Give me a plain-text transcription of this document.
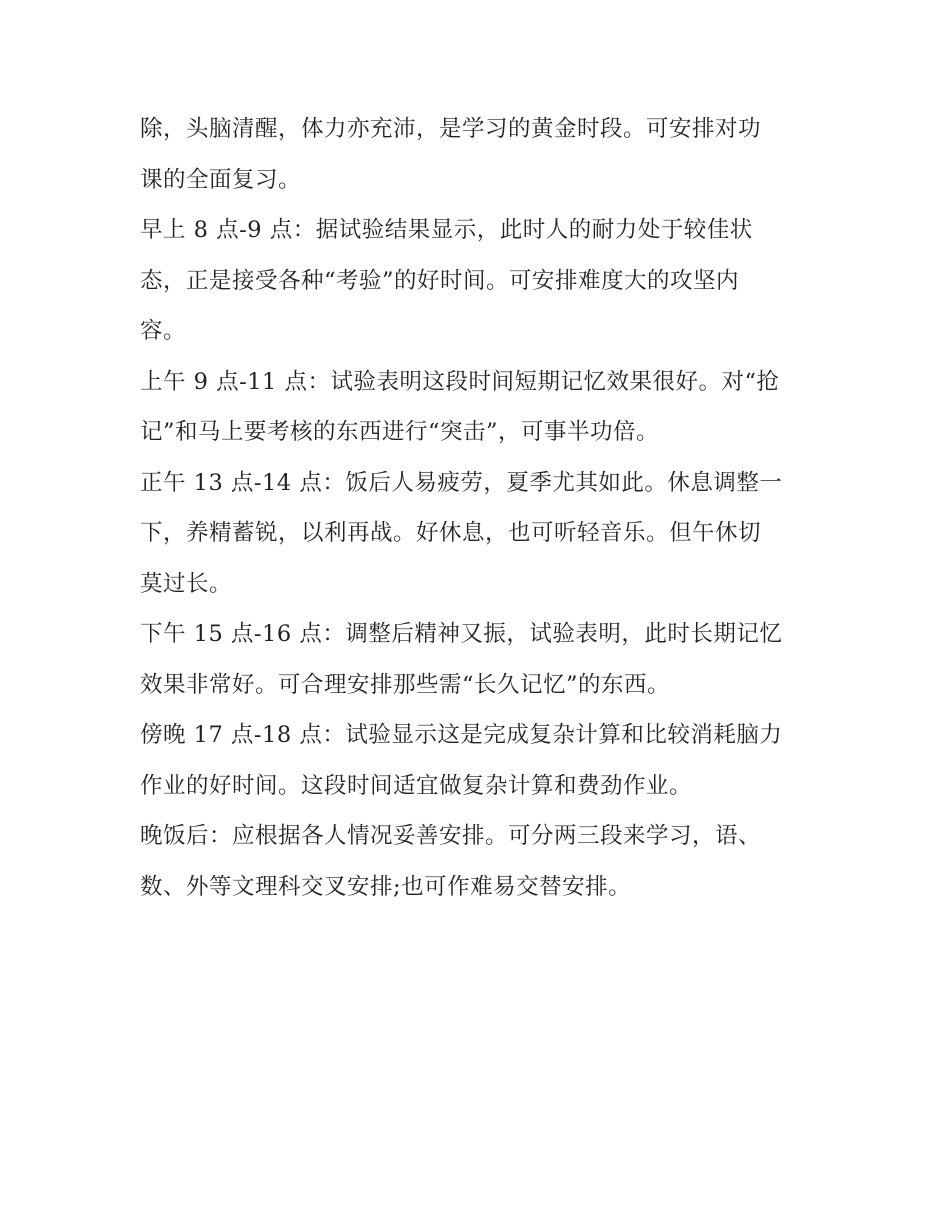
除，头脑清醒，体力亦充沛，是学习的黄金时段。可安排对功
课的全面复习。
早上 8 点-9 点：据试验结果显示，此时人的耐力处于较佳状
态，正是接受各种“考验”的好时间。可安排难度大的攻坚内
容。
上午 9 点-11 点：试验表明这段时间短期记忆效果很好。对“抢
记”和马上要考核的东西进行“突击”，可事半功倍。
正午 13 点-14 点：饭后人易疲劳，夏季尤其如此。休息调整一
下，养精蓄锐，以利再战。好休息，也可听轻音乐。但午休切
莫过长。
下午 15 点-16 点：调整后精神又振，试验表明，此时长期记忆
效果非常好。可合理安排那些需“长久记忆”的东西。
傍晚 17 点-18 点：试验显示这是完成复杂计算和比较消耗脑力
作业的好时间。这段时间适宜做复杂计算和费劲作业。
晚饭后：应根据各人情况妥善安排。可分两三段来学习，语、
数、外等文理科交叉安排;也可作难易交替安排。
